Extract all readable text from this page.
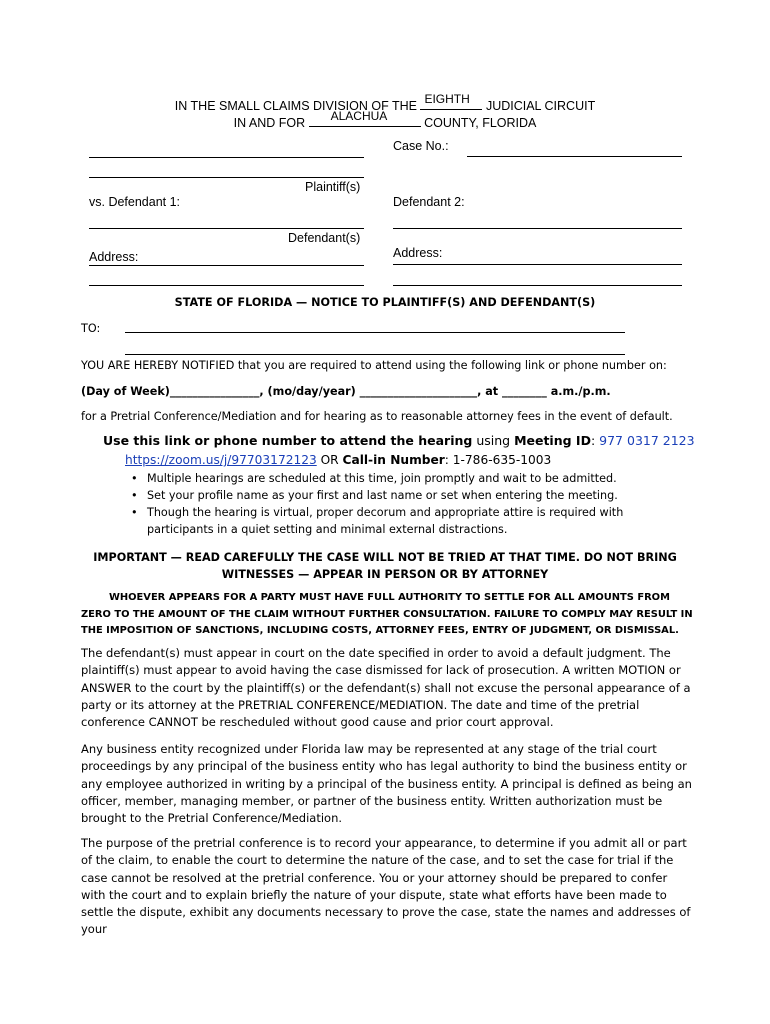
IN THE SMALL CLAIMS DIVISION OF THE EIGHTH JUDICIAL CIRCUIT
IN AND FOR ALACHUA	COUNTY, FLORIDA
Case No.:
Plaintiff(s)
vs. Defendant 1:	Defendant 2:
Defendant(s)
Address:	Address:
STATE OF FLORIDA — NOTICE TO PLAINTIFF(S) AND DEFENDANT(S)
TO:
YOU ARE HEREBY NOTIFIED that you are required to attend using the following link or phone number on:
(Day of Week)________________, (mo/day/year) _____________________, at ________ a.m./p.m.
for a Pretrial Conference/Mediation and for hearing as to reasonable attorney fees in the event of default.
Use this link or phone number to attend the hearing using Meeting ID: 977 0317 2123
https://zoom.us/j/97703172123 OR Call-in Number: 1-786-635-1003
• Multiple hearings are scheduled at this time, join promptly and wait to be admitted.
• Set your profile name as your first and last name or set when entering the meeting.
• Though the hearing is virtual, proper decorum and appropriate attire is required with participants in a quiet setting and minimal external distractions.
IMPORTANT — READ CAREFULLY THE CASE WILL NOT BE TRIED AT THAT TIME. DO NOT BRING
WITNESSES — APPEAR IN PERSON OR BY ATTORNEY
WHOEVER APPEARS FOR A PARTY MUST HAVE FULL AUTHORITY TO SETTLE FOR ALL AMOUNTS FROM ZERO TO THE AMOUNT OF THE CLAIM WITHOUT FURTHER CONSULTATION. FAILURE TO COMPLY MAY RESULT IN THE IMPOSITION OF SANCTIONS, INCLUDING COSTS, ATTORNEY FEES, ENTRY OF JUDGMENT, OR DISMISSAL.
The defendant(s) must appear in court on the date specified in order to avoid a default judgment. The plaintiff(s) must appear to avoid having the case dismissed for lack of prosecution. A written MOTION or ANSWER to the court by the plaintiff(s) or the defendant(s) shall not excuse the personal appearance of a party or its attorney at the PRETRIAL CONFERENCE/MEDIATION. The date and time of the pretrial conference CANNOT be rescheduled without good cause and prior court approval.
Any business entity recognized under Florida law may be represented at any stage of the trial court proceedings by any principal of the business entity who has legal authority to bind the business entity or any employee authorized in writing by a principal of the business entity. A principal is defined as being an officer, member, managing member, or partner of the business entity. Written authorization must be brought to the Pretrial Conference/Mediation.
The purpose of the pretrial conference is to record your appearance, to determine if you admit all or part of the claim, to enable the court to determine the nature of the case, and to set the case for trial if the case cannot be resolved at the pretrial conference. You or your attorney should be prepared to confer with the court and to explain briefly the nature of your dispute, state what efforts have been made to settle the dispute, exhibit any documents necessary to prove the case, state the names and addresses of your
